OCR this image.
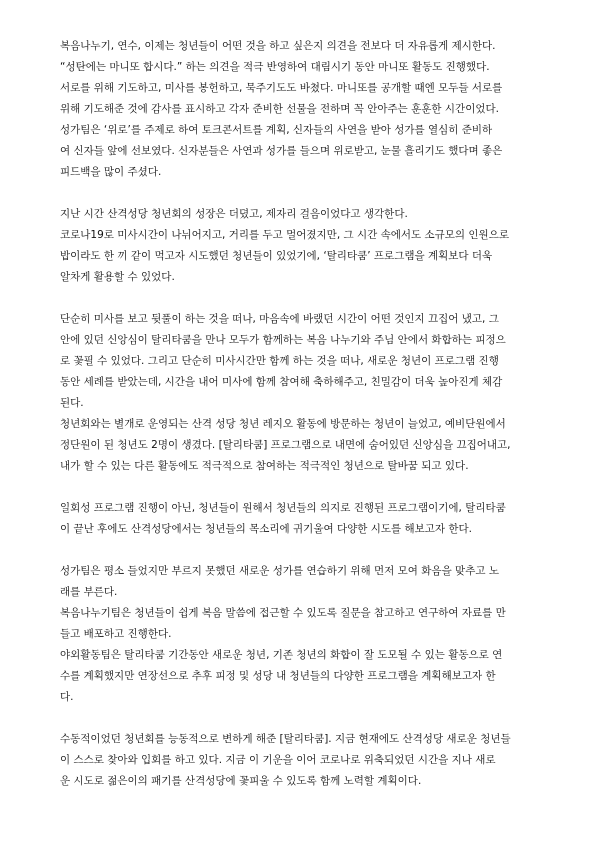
복음나누기, 연수, 이제는 청년들이 어떤 것을 하고 싶은지 의견을 전보다 더 자유롭게 제시한다.
“성탄에는 마니또 합시다.” 하는 의견을 적극 반영하여 대림시기 동안 마니또 활동도 진행했다.
서로를 위해 기도하고, 미사를 봉헌하고, 묵주기도도 바쳤다. 마니또를 공개할 때엔 모두들 서로를
위해 기도해준 것에 감사를 표시하고 각자 준비한 선물을 전하며 꼭 안아주는 훈훈한 시간이었다.
성가팀은 ‘위로’를 주제로 하여 토크콘서트를 계획, 신자들의 사연을 받아 성가를 열심히 준비하
여 신자들 앞에 선보였다. 신자분들은 사연과 성가를 들으며 위로받고, 눈물 흘리기도 했다며 좋은
피드백을 많이 주셨다.
지난 시간 산격성당 청년회의 성장은 더뎠고, 제자리 걸음이었다고 생각한다.
코로나19로 미사시간이 나뉘어지고, 거리를 두고 멀어졌지만, 그 시간 속에서도 소규모의 인원으로
밥이라도 한 끼 같이 먹고자 시도했던 청년들이 있었기에, ‘탈리타쿰’ 프로그램을 계획보다 더욱
알차게 활용할 수 있었다.
단순히 미사를 보고 뒷풀이 하는 것을 떠나, 마음속에 바랬던 시간이 어떤 것인지 끄집어 냈고, 그
안에 있던 신앙심이 탈리타쿰을 만나 모두가 함께하는 복음 나누기와 주님 안에서 화합하는 피정으
로 꽃필 수 있었다. 그리고 단순히 미사시간만 함께 하는 것을 떠나, 새로운 청년이 프로그램 진행
동안 세례를 받았는데, 시간을 내어 미사에 함께 참여해 축하해주고, 친밀감이 더욱 높아진게 체감
된다.
청년회와는 별개로 운영되는 산격 성당 청년 레지오 활동에 방문하는 청년이 늘었고, 예비단원에서
정단원이 된 청년도 2명이 생겼다. [탈리타쿰] 프로그램으로 내면에 숨어있던 신앙심을 끄집어내고,
내가 할 수 있는 다른 활동에도 적극적으로 참여하는 적극적인 청년으로 탈바꿈 되고 있다.
일회성 프로그램 진행이 아닌, 청년들이 원해서 청년들의 의지로 진행된 프로그램이기에, 탈리타쿰
이 끝난 후에도 산격성당에서는 청년들의 목소리에 귀기울여 다양한 시도를 해보고자 한다.
성가팀은 평소 들었지만 부르지 못했던 새로운 성가를 연습하기 위해 먼저 모여 화음을 맞추고 노
래를 부른다.
복음나누기팀은 청년들이 쉽게 복음 말씀에 접근할 수 있도록 질문을 참고하고 연구하여 자료를 만
들고 배포하고 진행한다.
야외활동팀은 탈리타쿰 기간동안 새로운 청년, 기존 청년의 화합이 잘 도모될 수 있는 활동으로 연
수를 계획했지만 연장선으로 추후 피정 및 성당 내 청년들의 다양한 프로그램을 계획해보고자 한
다.
수동적이었던 청년회를 능동적으로 변하게 해준 [탈리타쿰]. 지금 현재에도 산격성당 새로운 청년들
이 스스로 찾아와 입회를 하고 있다. 지금 이 기운을 이어 코로나로 위축되었던 시간을 지나 새로
운 시도로 젊은이의 패기를 산격성당에 꽃피울 수 있도록 함께 노력할 계획이다.
